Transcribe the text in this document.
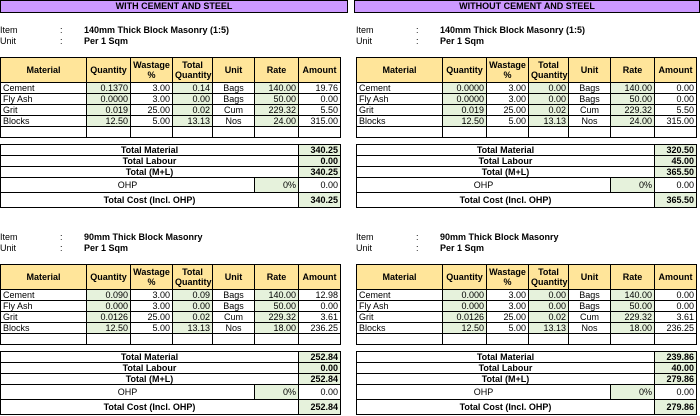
WITH CEMENT AND STEEL	WITHOUT CEMENT AND STEEL
Item	: 140mm Thick Block Masonry (1:5)
Unit	: Per 1 Sqm
Material	Quantity	Wastage %	Total Quantity	Unit	Rate	Amount
Cement	0.1370	3.00	0.14	Bags	140.00	19.76
Fly Ash	0.0000	3.00	0.00	Bags	50.00	0.00
Grit	0.019	25.00	0.02	Cum	229.32	5.50
Blocks	12.50	5.00	13.13	Nos	24.00	315.00

Total Material						340.25
Total Labour						0.00
Total (M+L)						340.25
OHP					0%	0.00
Total Cost (Incl. OHP)						340.25
Item	: 140mm Thick Block Masonry (1:5)
Unit	: Per 1 Sqm
Material	Quantity	Wastage %	Total Quantity	Unit	Rate	Amount
Cement	0.0000	3.00	0.00	Bags	140.00	0.00
Fly Ash	0.0000	3.00	0.00	Bags	50.00	0.00
Grit	0.019	25.00	0.02	Cum	229.32	5.50
Blocks	12.50	5.00	13.13	Nos	24.00	315.00

Total Material						320.50
Total Labour						45.00
Total (M+L)						365.50
OHP					0%	0.00
Total Cost (Incl. OHP)						365.50
Item	: 90mm Thick Block Masonry
Unit	: Per 1 Sqm
Material	Quantity	Wastage %	Total Quantity	Unit	Rate	Amount
Cement	0.090	3.00	0.09	Bags	140.00	12.98
Fly Ash	0.000	3.00	0.00	Bags	50.00	0.00
Grit	0.0126	25.00	0.02	Cum	229.32	3.61
Blocks	12.50	5.00	13.13	Nos	18.00	236.25

Total Material						252.84
Total Labour						0.00
Total (M+L)						252.84
OHP					0%	0.00
Total Cost (Incl. OHP)						252.84
Item	: 90mm Thick Block Masonry
Unit	: Per 1 Sqm
Material	Quantity	Wastage %	Total Quantity	Unit	Rate	Amount
Cement	0.000	3.00	0.00	Bags	140.00	0.00
Fly Ash	0.000	3.00	0.00	Bags	50.00	0.00
Grit	0.0126	25.00	0.02	Cum	229.32	3.61
Blocks	12.50	5.00	13.13	Nos	18.00	236.25

Total Material						239.86
Total Labour						40.00
Total (M+L)						279.86
OHP					0%	0.00
Total Cost (Incl. OHP)						279.86
